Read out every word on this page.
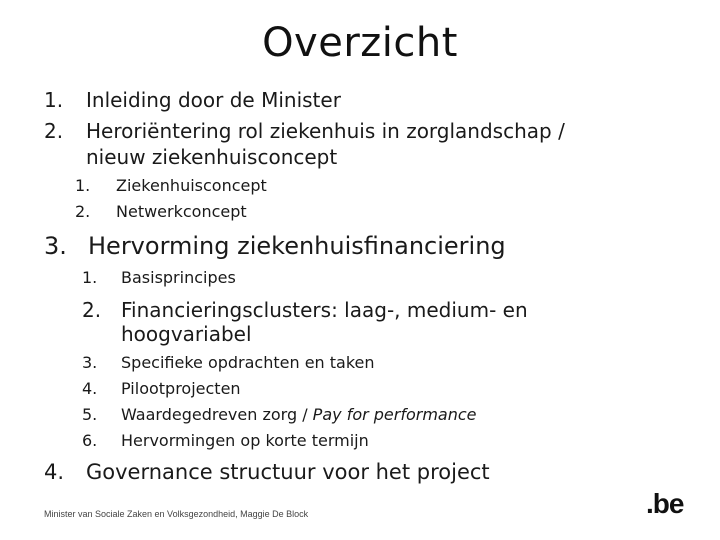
Overzicht
1. Inleiding door de Minister
2. Heroriëntering rol ziekenhuis in zorglandschap /
nieuw ziekenhuisconcept
1. Ziekenhuisconcept
2. Netwerkconcept
3. Hervorming ziekenhuisfinanciering
1. Basisprincipes
2. Financieringsclusters: laag-, medium- en
hoogvariabel
3. Specifieke opdrachten en taken
4. Pilootprojecten
5. Waardegedreven zorg / Pay for performance
6. Hervormingen op korte termijn
4. Governance structuur voor het project
Minister van Sociale Zaken en Volksgezondheid, Maggie De Block	.be
